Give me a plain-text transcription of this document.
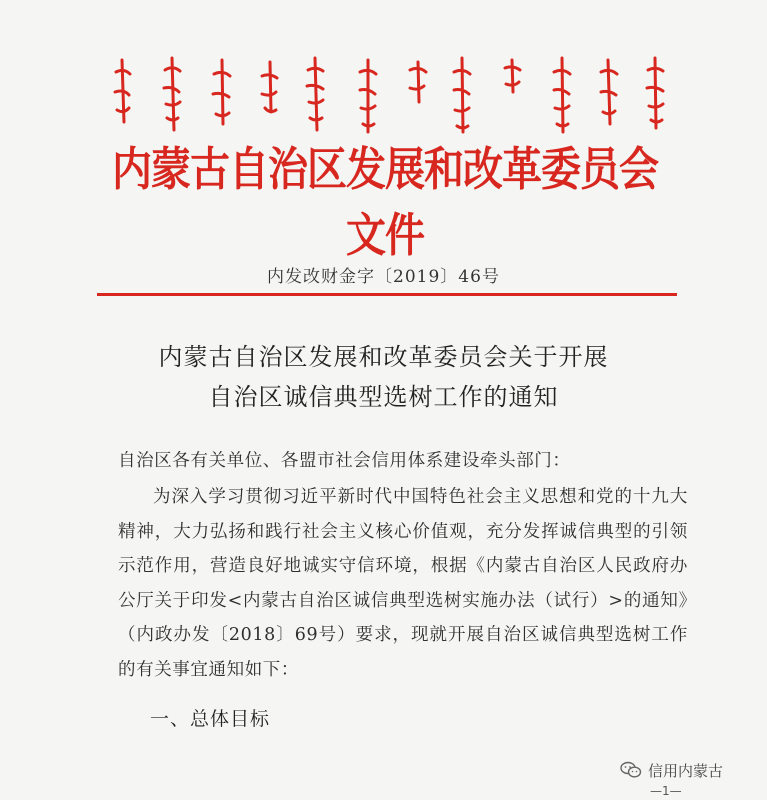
内蒙古自治区发展和改革委员会文件
内发改财金字〔2019〕46号
内蒙古自治区发展和改革委员会关于开展
自治区诚信典型选树工作的通知
自治区各有关单位、各盟市社会信用体系建设牵头部门：

为深入学习贯彻习近平新时代中国特色社会主义思想和党的十九大精神，大力弘扬和践行社会主义核心价值观，充分发挥诚信典型的引领示范作用，营造良好地诚实守信环境，根据《内蒙古自治区人民政府办公厅关于印发<内蒙古自治区诚信典型选树实施办法（试行）>的通知》（内政办发〔2018〕69号）要求，现就开展自治区诚信典型选树工作的有关事宜通知如下：

一、总体目标
信用内蒙古
—1—
